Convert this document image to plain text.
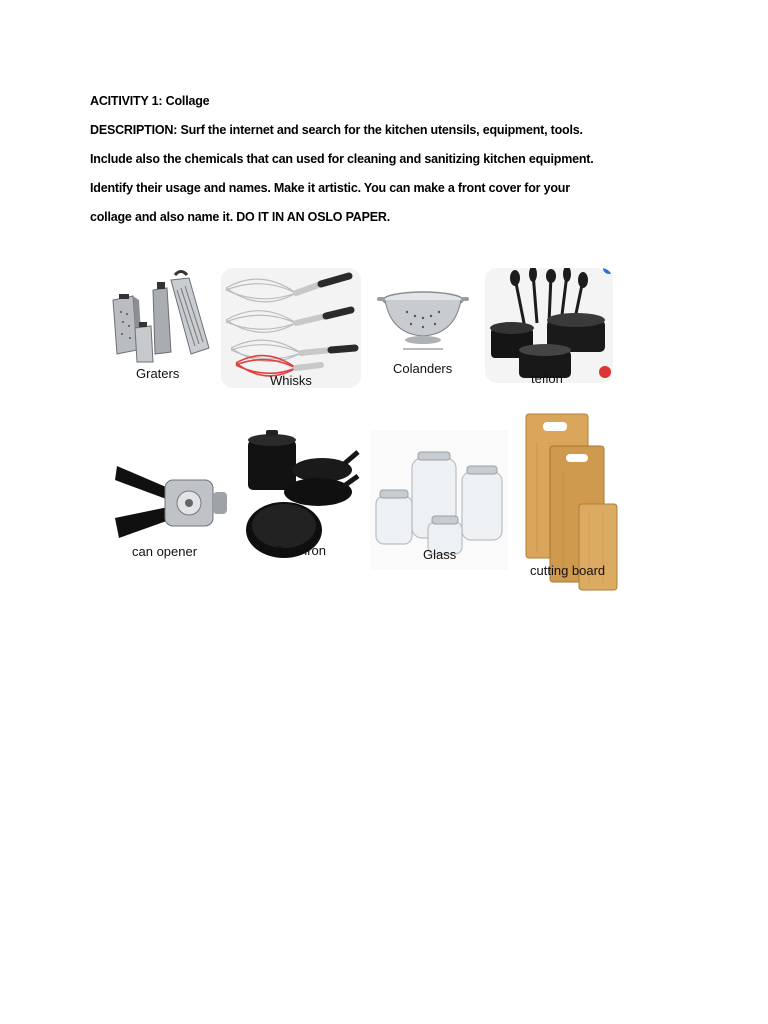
ACITIVITY 1: Collage

DESCRIPTION: Surf the internet and search for the kitchen utensils, equipment, tools.

Include also the chemicals that can used for cleaning and sanitizing kitchen equipment.

Identify their usage and names. Make it artistic. You can make a front cover for your

collage and also name it. DO IT IN AN OSLO PAPER.

Graters	Whisks
Colanders
teflon
can opener	Cast iron	Glass
cutting board
